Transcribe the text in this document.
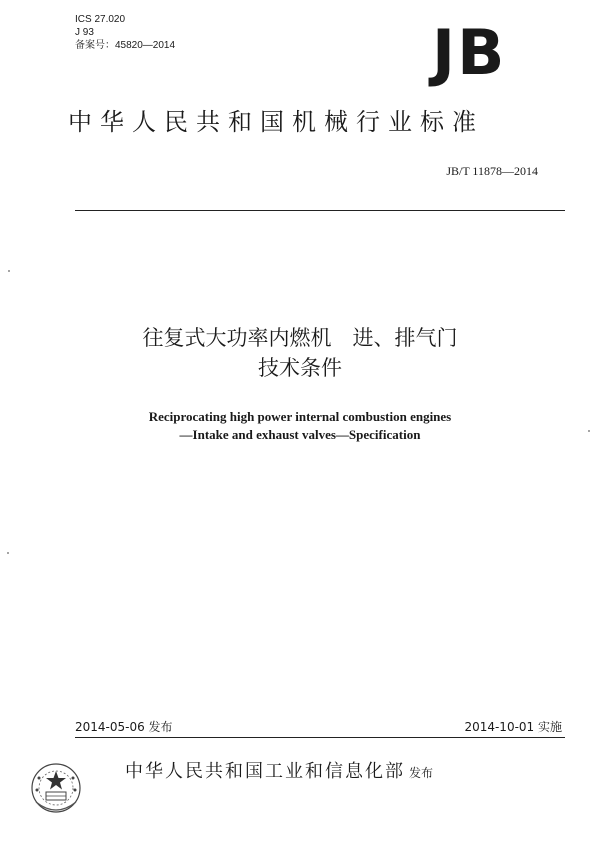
ICS 27.020
J 93
备案号：45820—2014	JB
中华人民共和国机械行业标准
JB/T 11878—2014
往复式大功率内燃机　进、排气门
技术条件
Reciprocating high power internal combustion engines
—Intake and exhaust valves—Specification
2014-05-06 发布	2014-10-01 实施
中华人民共和国工业和信息化部 发布
